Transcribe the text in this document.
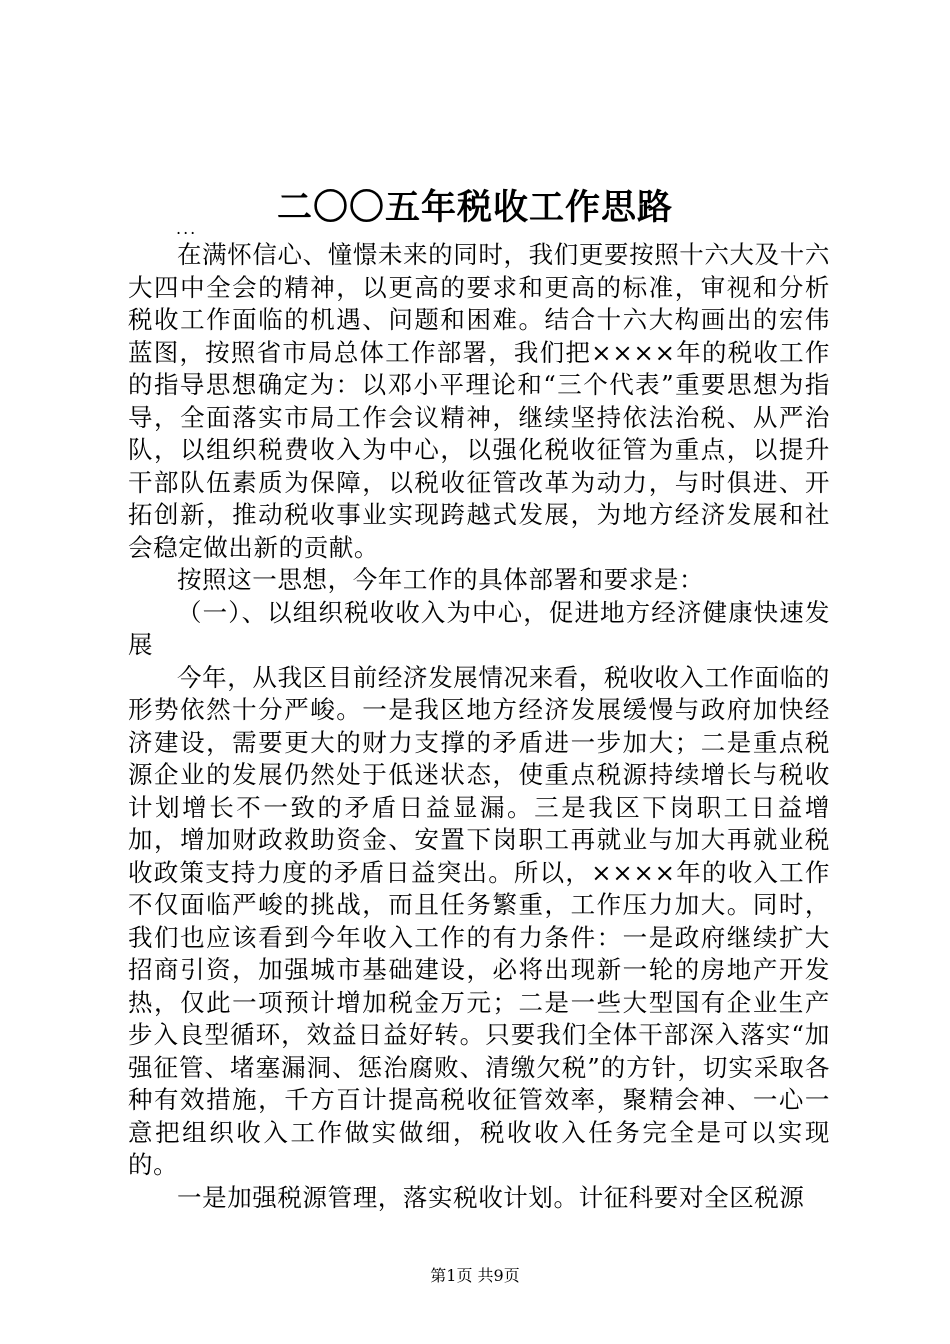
二〇〇五年税收工作思路
...

在满怀信心、憧憬未来的同时，我们更要按照十六大及十六大四中全会的精神，以更高的要求和更高的标准，审视和分析税收工作面临的机遇、问题和困难。结合十六大构画出的宏伟蓝图，按照省市局总体工作部署，我们把××××年的税收工作的指导思想确定为：以邓小平理论和“三个代表”重要思想为指导，全面落实市局工作会议精神，继续坚持依法治税、从严治队，以组织税费收入为中心，以强化税收征管为重点，以提升干部队伍素质为保障，以税收征管改革为动力，与时俱进、开拓创新，推动税收事业实现跨越式发展，为地方经济发展和社会稳定做出新的贡献。

按照这一思想，今年工作的具体部署和要求是：

（一）、以组织税收收入为中心，促进地方经济健康快速发展

今年，从我区目前经济发展情况来看，税收收入工作面临的形势依然十分严峻。一是我区地方经济发展缓慢与政府加快经济建设，需要更大的财力支撑的矛盾进一步加大；二是重点税源企业的发展仍然处于低迷状态，使重点税源持续增长与税收计划增长不一致的矛盾日益显漏。三是我区下岗职工日益增加，增加财政救助资金、安置下岗职工再就业与加大再就业税收政策支持力度的矛盾日益突出。所以，××××年的收入工作不仅面临严峻的挑战，而且任务繁重，工作压力加大。同时，我们也应该看到今年收入工作的有力条件：一是政府继续扩大招商引资，加强城市基础建设，必将出现新一轮的房地产开发热，仅此一项预计增加税金万元；二是一些大型国有企业生产步入良型循环，效益日益好转。只要我们全体干部深入落实“加强征管、堵塞漏洞、惩治腐败、清缴欠税”的方针，切实采取各种有效措施，千方百计提高税收征管效率，聚精会神、一心一意把组织收入工作做实做细，税收收入任务完全是可以实现的。

一是加强税源管理，落实税收计划。计征科要对全区税源

第1页 共9页
